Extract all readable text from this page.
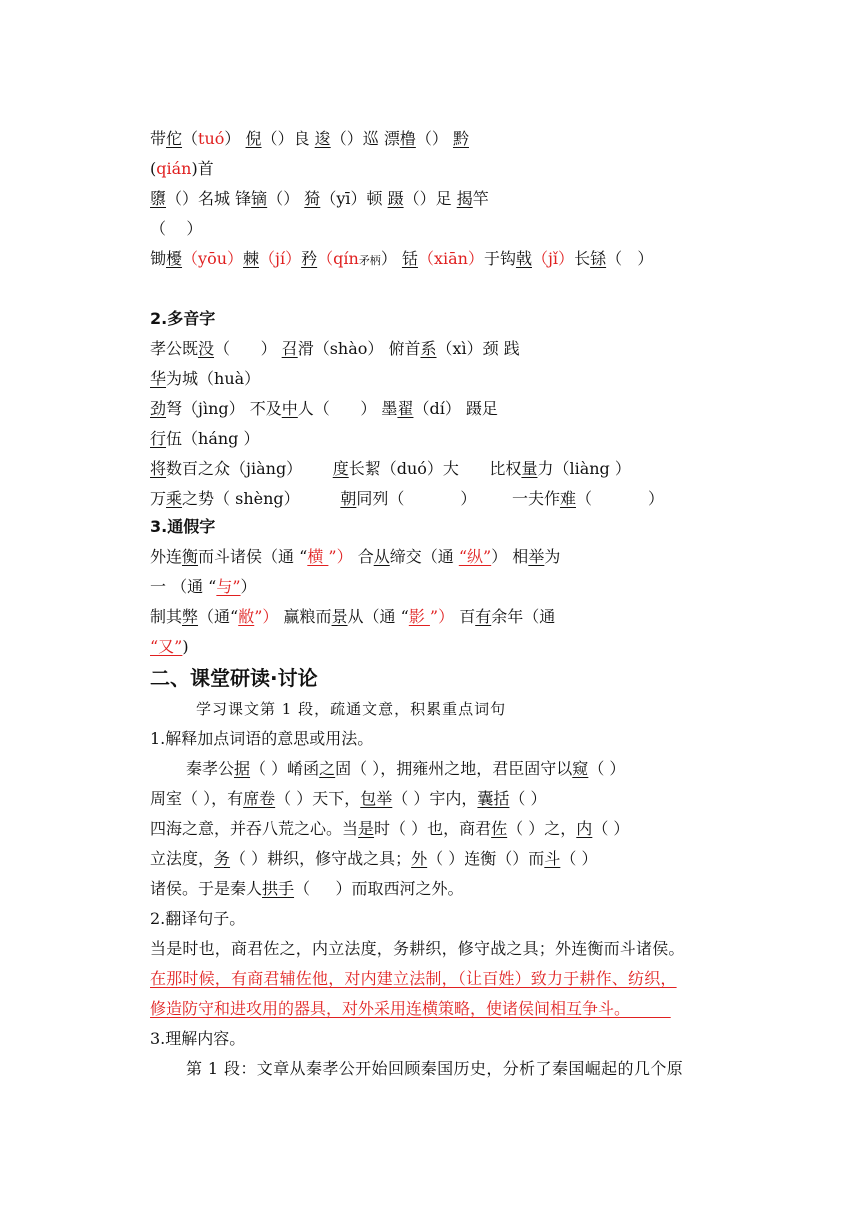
带佗（tuó） 倪（）良 逡（）巡 漂橹（） 黔
(qián)首
隳（）名城 锋镝（） 猗（yī）顿 蹑（）足 揭竿
（ ）
锄櫌（yōu）棘（jí）矜（qín矛柄） 铦（xiān）于钩戟（jǐ）长铩（ ）
2.多音字
孝公既没（ ） 召滑（shào） 俯首系（xì）颈 践
华为城（huà）
劲弩（jìng） 不及中人（ ） 墨翟（dí） 蹑足
行伍（háng ）
将数百之众（jiàng） 度长絜（duó）大 比权量力（liàng ）
万乘之势（ shèng）	朝同列（	） 一夫作难（	）
3.通假字
外连衡而斗诸侯（通 “横 ”） 合从缔交（通 “纵”） 相举为
一 （通 “与”）
制其弊（通“敝”） 赢粮而景从（通 “影 ”） 百有余年（通
“又”)
二、课堂研读·讨论
学习课文第 1 段，疏通文意，积累重点词句
1.解释加点词语的意思或用法。
秦孝公据（ ）崤函之固（ ），拥雍州之地，君臣固守以窥（ ）
周室（ ），有席卷（ ）天下，包举（ ）宇内，囊括（ ）
四海之意，并吞八荒之心。当是时（ ）也，商君佐（ ）之，内（ ）
立法度，务（ ）耕织，修守战之具；外（ ）连衡（）而斗（ ）
诸侯。于是秦人拱手（ ）而取西河之外。
2.翻译句子。
当是时也，商君佐之，内立法度，务耕织，修守战之具；外连衡而斗诸侯。
在那时候，有商君辅佐他，对内建立法制，（让百姓）致力于耕作、纺织，
修造防守和进攻用的器具，对外采用连横策略，使诸侯间相互争斗。
3.理解内容。
第 1 段：文章从秦孝公开始回顾秦国历史，分析了秦国崛起的几个原
